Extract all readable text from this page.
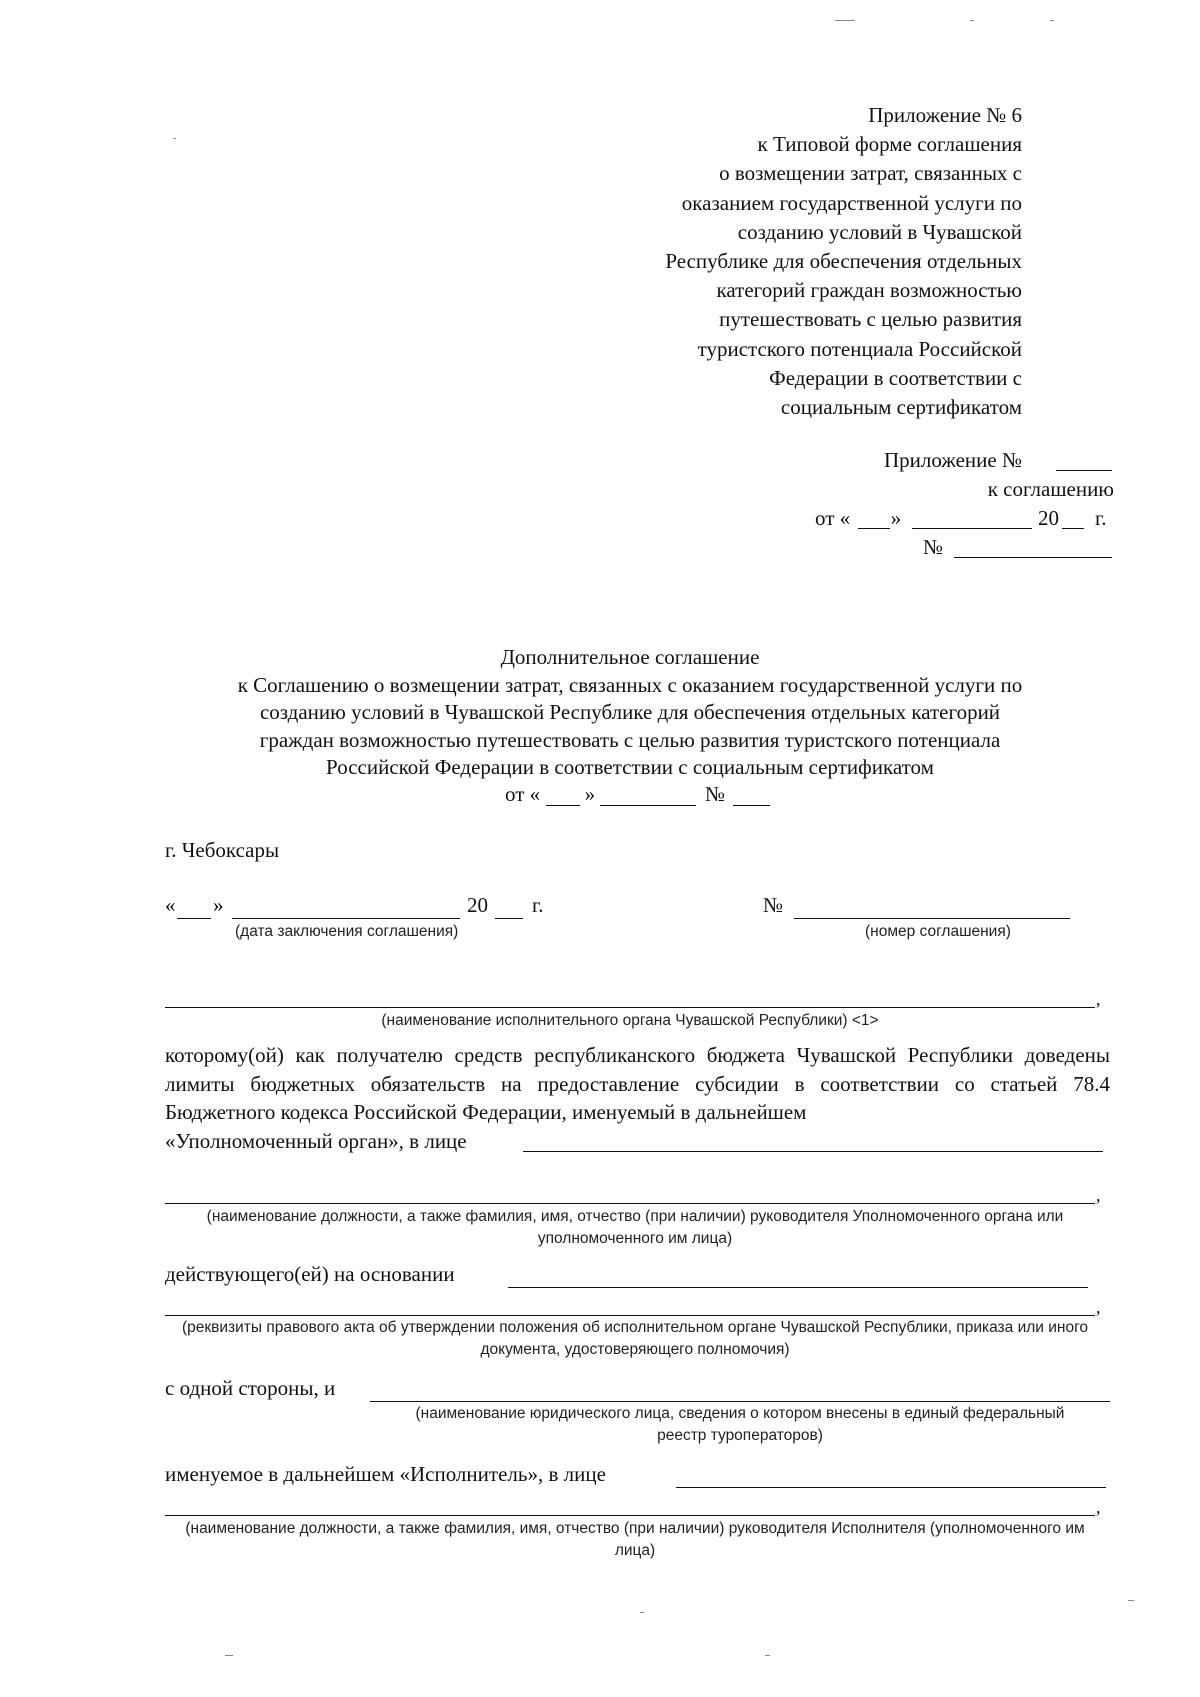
Приложение № 6
к Типовой форме соглашения
о возмещении затрат, связанных с
оказанием государственной услуги по
созданию условий в Чувашской
Республике для обеспечения отдельных
категорий граждан возможностью
путешествовать с целью развития
туристского потенциала Российской
Федерации в соответствии с
социальным сертификатом
Приложение №
к соглашению
от « »	20 г.
№
Дополнительное соглашение
к Соглашению о возмещении затрат, связанных с оказанием государственной услуги по
созданию условий в Чувашской Республике для обеспечения отдельных категорий
граждан возможностью путешествовать с целью развития туристского потенциала
Российской Федерации в соответствии с социальным сертификатом
от « »	№
г. Чебоксары
« »	20 г.
(дата заключения соглашения)
№
(номер соглашения)
,
(наименование исполнительного органа Чувашской Республики) <1>
которому(ой) как получателю средств республиканского бюджета Чувашской Республики доведены лимиты бюджетных обязательств на предоставление субсидии в соответствии со статьей 78.4 Бюджетного кодекса Российской Федерации, именуемый в дальнейшем
«Уполномоченный орган», в лице
,
(наименование должности, а также фамилия, имя, отчество (при наличии) руководителя Уполномоченного органа или уполномоченного им лица)
действующего(ей) на основании
,
(реквизиты правового акта об утверждении положения об исполнительном органе Чувашской Республики, приказа или иного документа, удостоверяющего полномочия)
с одной стороны, и
(наименование юридического лица, сведения о котором внесены в единый федеральный реестр туроператоров)
именуемое в дальнейшем «Исполнитель», в лице
,
(наименование должности, а также фамилия, имя, отчество (при наличии) руководителя Исполнителя (уполномоченного им лица)
